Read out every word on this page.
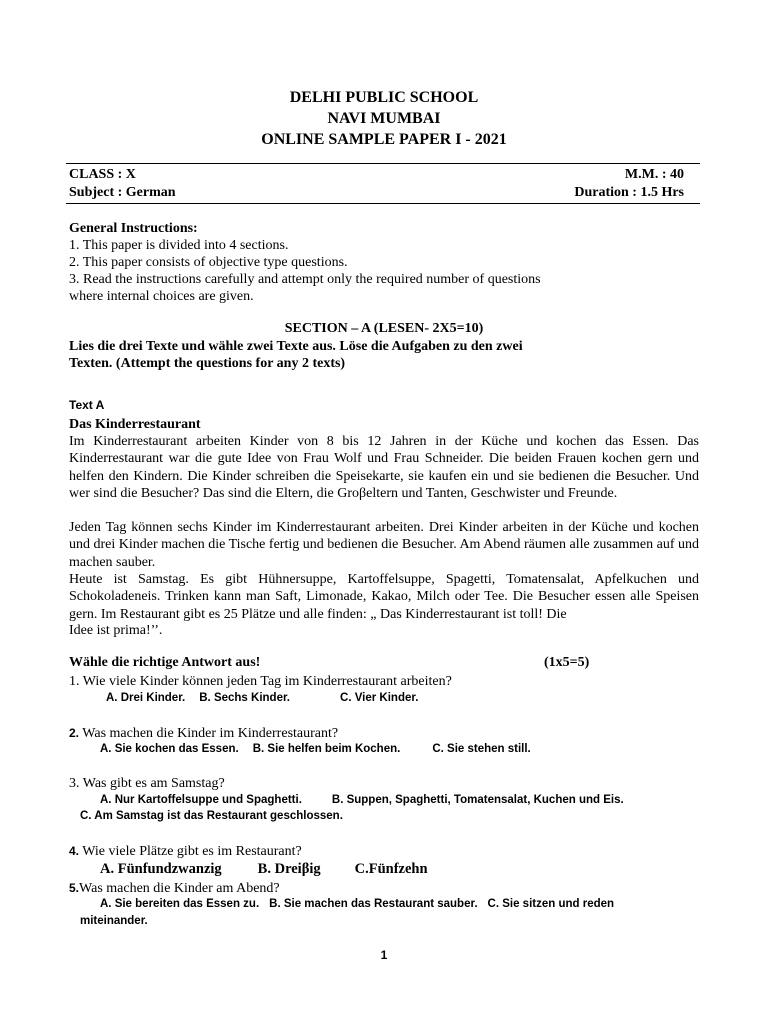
DELHI PUBLIC SCHOOL
NAVI MUMBAI
ONLINE SAMPLE PAPER I - 2021
CLASS : X	M.M. : 40
Subject : German	Duration : 1.5 Hrs
General Instructions:
1. This paper is divided into 4 sections.
2. This paper consists of objective type questions.
3. Read the instructions carefully and attempt only the required number of questions
where internal choices are given.
SECTION – A (LESEN- 2X5=10)
Lies die drei Texte und wähle zwei Texte aus. Löse die Aufgaben zu den zwei
Texten. (Attempt the questions for any 2 texts)
Text A
Das Kinderrestaurant
Im Kinderrestaurant arbeiten Kinder von 8 bis 12 Jahren in der Küche und kochen das Essen. Das Kinderrestaurant war die gute Idee von Frau Wolf und Frau Schneider. Die beiden Frauen kochen gern und helfen den Kindern. Die Kinder schreiben die Speisekarte, sie kaufen ein und sie bedienen die Besucher. Und wer sind die Besucher? Das sind die Eltern, die Groβeltern und Tanten, Geschwister und Freunde.
Jeden Tag können sechs Kinder im Kinderrestaurant arbeiten. Drei Kinder arbeiten in der Küche und kochen und drei Kinder machen die Tische fertig und bedienen die Besucher. Am Abend räumen alle zusammen auf und machen sauber.
Heute ist Samstag. Es gibt Hühnersuppe, Kartoffelsuppe, Spagetti, Tomatensalat, Apfelkuchen und Schokoladeneis. Trinken kann man Saft, Limonade, Kakao, Milch oder Tee. Die Besucher essen alle Speisen gern. Im Restaurant gibt es 25 Plätze und alle finden: „ Das Kinderrestaurant ist toll! Die
Idee ist prima!’’.
Wähle die richtige Antwort aus!	(1x5=5)
1. Wie viele Kinder können jeden Tag im Kinderrestaurant arbeiten?
A. Drei Kinder. B. Sechs Kinder.	C. Vier Kinder.
2. Was machen die Kinder im Kinderrestaurant?
A. Sie kochen das Essen. B. Sie helfen beim Kochen.	C. Sie stehen still.
3. Was gibt es am Samstag?
A. Nur Kartoffelsuppe und Spaghetti.	B. Suppen, Spaghetti, Tomatensalat, Kuchen und Eis.
C. Am Samstag ist das Restaurant geschlossen.
4. Wie viele Plätze gibt es im Restaurant?
A. Fünfundzwanzig B. Dreiβig C.Fünfzehn
5.Was machen die Kinder am Abend?
A. Sie bereiten das Essen zu. B. Sie machen das Restaurant sauber. C. Sie sitzen und reden
miteinander.
1
